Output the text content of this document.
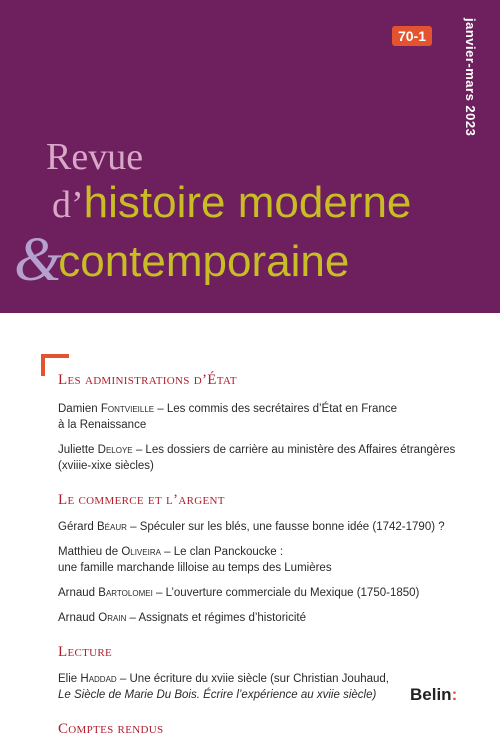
70-1	janvier-mars 2023
Revue
d’histoire moderne
&contemporaine

Les administrations d’État

Damien Fontvieille – Les commis des secrétaires d’État en France
à la Renaissance

Juliette Deloye – Les dossiers de carrière au ministère des Affaires étrangères
(xviiie-xixe siècles)

Le commerce et l’argent

Gérard Béaur – Spéculer sur les blés, une fausse bonne idée (1742-1790) ?

Matthieu de Oliveira – Le clan Panckoucke :
une famille marchande lilloise au temps des Lumières

Arnaud Bartolomei – L’ouverture commerciale du Mexique (1750-1850)

Arnaud Orain – Assignats et régimes d’historicité

Lecture

Elie Haddad – Une écriture du xviie siècle (sur Christian Jouhaud,
Le Siècle de Marie Du Bois. Écrire l’expérience au xviie siècle)

Comptes rendus

Belin:
